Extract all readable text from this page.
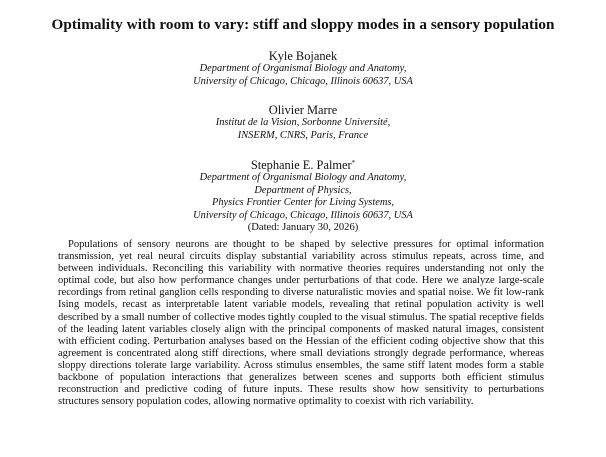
Optimality with room to vary: stiff and sloppy modes in a sensory population
Kyle Bojanek
Department of Organismal Biology and Anatomy,
University of Chicago, Chicago, Illinois 60637, USA
Olivier Marre
Institut de la Vision, Sorbonne Université,
INSERM, CNRS, Paris, France
Stephanie E. Palmer*
Department of Organismal Biology and Anatomy,
Department of Physics,
Physics Frontier Center for Living Systems,
University of Chicago, Chicago, Illinois 60637, USA
(Dated: January 30, 2026)
Populations of sensory neurons are thought to be shaped by selective pressures for optimal information transmission, yet real neural circuits display substantial variability across stimulus repeats, across time, and between individuals. Reconciling this variability with normative theories requires understanding not only the optimal code, but also how performance changes under perturbations of that code. Here we analyze large-scale recordings from retinal ganglion cells responding to diverse naturalistic movies and spatial noise. We fit low-rank Ising models, recast as interpretable latent variable models, revealing that retinal population activity is well described by a small number of collective modes tightly coupled to the visual stimulus. The spatial receptive fields of the leading latent variables closely align with the principal components of masked natural images, consistent with efficient coding. Perturbation analyses based on the Hessian of the efficient coding objective show that this agreement is concentrated along stiff directions, where small deviations strongly degrade performance, whereas sloppy directions tolerate large variability. Across stimulus ensembles, the same stiff latent modes form a stable backbone of population interactions that generalizes between scenes and supports both efficient stimulus reconstruction and predictive coding of future inputs. These results show how sensitivity to perturbations structures sensory population codes, allowing normative optimality to coexist with rich variability.
